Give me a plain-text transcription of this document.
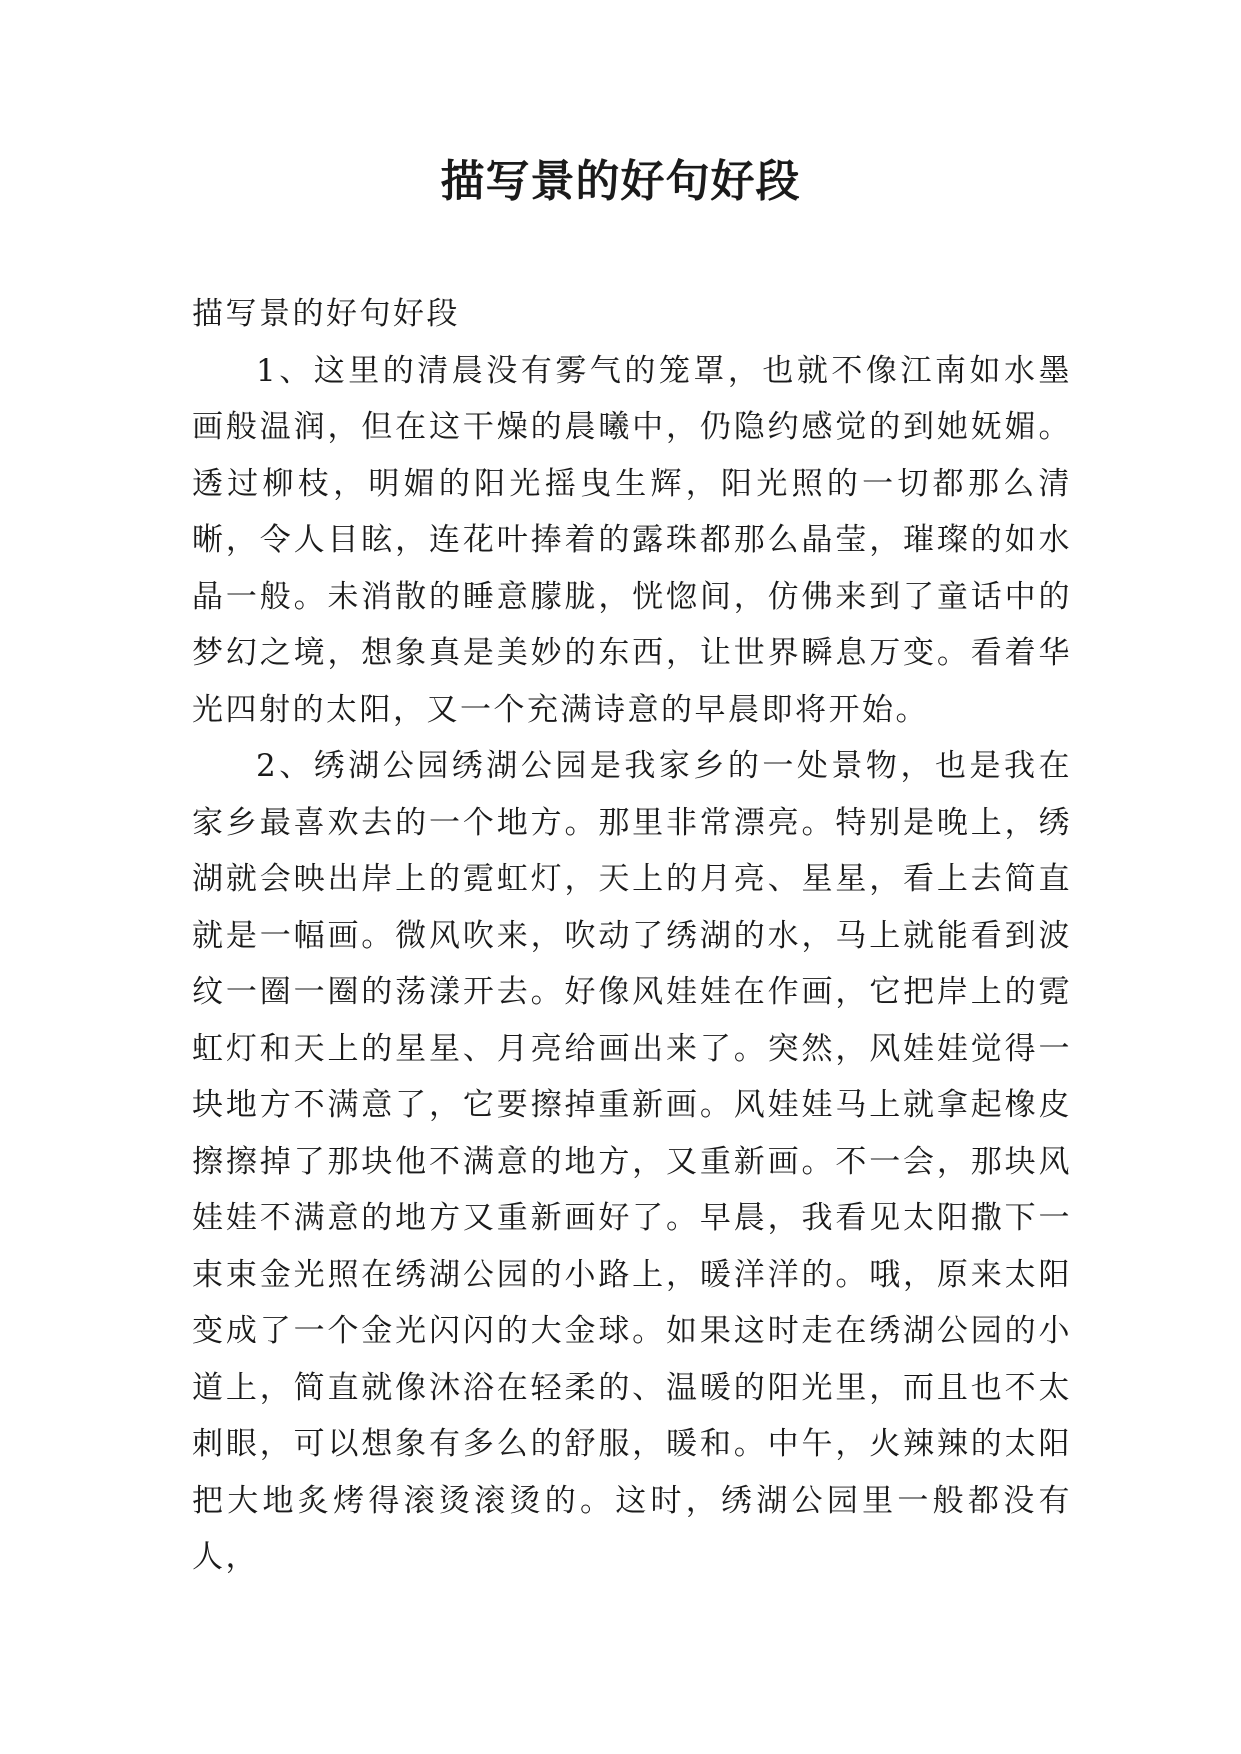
描写景的好句好段

描写景的好句好段

1、这里的清晨没有雾气的笼罩，也就不像江南如水墨画般温润，但在这干燥的晨曦中，仍隐约感觉的到她妩媚。透过柳枝，明媚的阳光摇曳生辉，阳光照的一切都那么清晰，令人目眩，连花叶捧着的露珠都那么晶莹，璀璨的如水晶一般。未消散的睡意朦胧，恍惚间，仿佛来到了童话中的梦幻之境，想象真是美妙的东西，让世界瞬息万变。看着华光四射的太阳，又一个充满诗意的早晨即将开始。

2、绣湖公园绣湖公园是我家乡的一处景物，也是我在家乡最喜欢去的一个地方。那里非常漂亮。特别是晚上，绣湖就会映出岸上的霓虹灯，天上的月亮、星星，看上去简直就是一幅画。微风吹来，吹动了绣湖的水，马上就能看到波纹一圈一圈的荡漾开去。好像风娃娃在作画，它把岸上的霓虹灯和天上的星星、月亮给画出来了。突然，风娃娃觉得一块地方不满意了，它要擦掉重新画。风娃娃马上就拿起橡皮擦擦掉了那块他不满意的地方，又重新画。不一会，那块风娃娃不满意的地方又重新画好了。早晨，我看见太阳撒下一束束金光照在绣湖公园的小路上，暖洋洋的。哦，原来太阳变成了一个金光闪闪的大金球。如果这时走在绣湖公园的小道上，简直就像沐浴在轻柔的、温暖的阳光里，而且也不太刺眼，可以想象有多么的舒服，暖和。中午，火辣辣的太阳把大地炙烤得滚烫滚烫的。这时，绣湖公园里一般都没有人，
